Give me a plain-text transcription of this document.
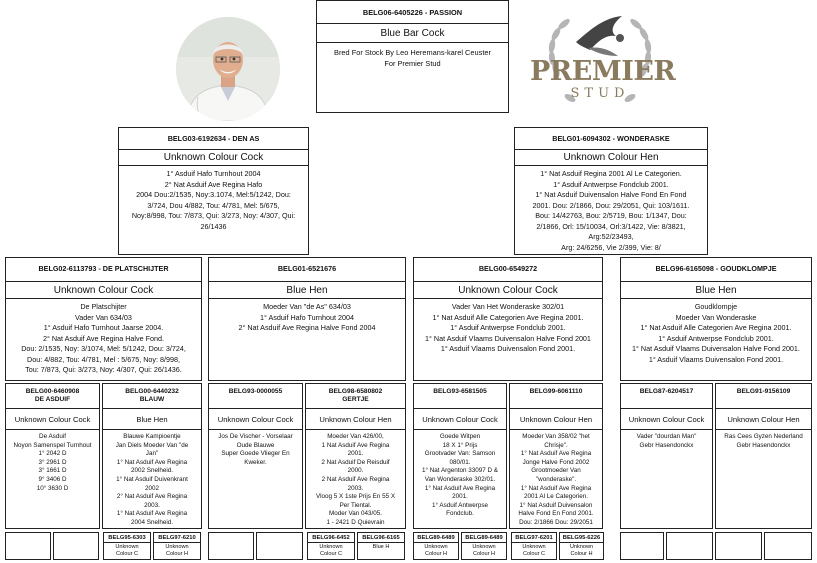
BELG06-6405226 - PASSION
Blue Bar Cock
Bred For Stock By Leo Heremans-karel Ceuster
For Premier Stud	PREMIER
STUD
BELG03-6192634 - DEN AS
Unknown Colour Cock
1° Asduif Hafo Turnhout 2004
2° Nat Asduif Ave Regina Hafo
2004 Dou:2/1535, Noy:3.1074, Mel:5/1242, Dou:
3/724, Dou 4/882, Tou: 4/781, Mel: 5/675,
Noy:8/998, Tou: 7/873, Qui: 3/273, Noy: 4/307, Qui:
26/1436
BELG01-6094302 - WONDERASKE
Unknown Colour Hen
1° Nat Asduif Regina 2001 Al Le Categorien.
1° Asduif Antwerpse Fondclub 2001.
1° Nat Asduif Duivensalon Halve Fond En Fond
2001. Dou: 2/1866, Dou: 29/2051, Qui: 103/1611.
Bou: 14/42763, Bou: 2/5719, Bou: 1/1347, Dou:
2/1866, Orl: 15/10034, Orl:3/1422, Vie: 8/3821,
Arg:52/23493,
Arg: 24/6256, Vie 2/399, Vie: 8/
BELG02-6113793 - DE PLATSCHIJTER
Unknown Colour Cock
De Platschijter
Vader Van 634/03
1° Asduif Hafo Turnhout Jaarse 2004.
2° Nat Asduif Ave Regina Halve Fond.
Dou: 2/1535, Noy: 3/1074, Mel: 5/1242, Dou: 3/724,
Dou: 4/882, Tou: 4/781, Mel : 5/675, Noy: 8/998,
Tou: 7/873, Qui: 3/273, Noy: 4/307, Qui: 26/1436.
BELG01-6521676
Blue Hen
Moeder Van "de As" 634/03
1° Asduif Hafo Turnhout 2004
2° Nat Asduif Ave Regina Halve Fond 2004
BELG00-6549272
Unknown Colour Cock
Vader Van Het Wonderaske 302/01
1° Nat Asduif Alle Categorien Ave Regina 2001.
1° Asduif Antwerpse Fondclub 2001.
1° Nat Asduif Vlaams Duivensalon Halve Fond 2001
1° Asduif Vlaams Duivensalon Fond 2001.
BELG96-6165098 - GOUDKLOMPJE
Blue Hen
Goudklompje
Moeder Van Wonderaske
1° Nat Asduif Alle Categorien Ave Regina 2001.
1° Asduif Antwerpse Fondclub 2001.
1° Nat Asduif Vlaams Duivensalon Halve Fond 2001.
1° Asduif Vlaams Duivensalon Fond 2001.
BELG00-6460908
DE ASDUIF
Unknown Colour Cock
De Asduif
Noyon Samenspel Turnhout
1° 2042 D
3° 2961 D
3° 1661 D
9° 3406 D
10° 3630 D
BELG00-6440232
BLAUW
Blue Hen
Blauwe Kampioentje
Jan Diels Moeder Van "de
Jan"
1° Nat Asduif Ave Regina
2002 Snelheid.
1° Nat Asduif Duivenkrant
2002
2° Nat Asduif Ave Regina
2003.
1° Nat Asduif Ave Regina
2004 Snelheid.
BELG93-0000055

Unknown Colour Cock
Jos De Vischer - Vorselaar
Oude Blauwe
Super Goede Vlieger En
Kweker.
BELG98-6580802
GERTJE
Unknown Colour Hen
Moeder Van 426/00,
1 Nat Asduif Ave Regina
2001.
2 Nat Asduif De Reisduif
2000.
2 Nat Asduif Ave Regina
2003.
Vloog 5 X 1ste Prijs En 55 X
Per Tiental.
Moder Van 043/05.
1 - 2421 D Quievrain
BELG93-6581505

Unknown Colour Cock
Goede Witpen
18 X 1° Prijs
Grootvader Van: Samson
080/01.
1° Nat Argenton 33097 D &
Van Wonderaske 302/01.
1° Nat Asduif Ave Regina
2001.
1° Asduif Antwerpse
Fondclub.
BELG99-6061110

Unknown Colour Hen
Moeder Van 358/02 "het
Chrisje".
1° Nat Asduif Ave Regina
Jonge Halve Fond 2002
Grootmoeder Van
"wonderaske".
1° Nat Asduif Ave Regina
2001 Al Le Categorien.
1° Nat Asduif Duivensalon
Halve Fond En Fond 2001.
Dou: 2/1866 Dou: 29/2051
BELG87-6204517

Unknown Colour Cock
Vader "dourdan Man"
Gebr Hasendonckx
BELG91-9156109

Unknown Colour Hen
Ras Cees Gyzen Nederland
Gebr Hasendonckx
BELG95-6303
Unknown Colour C
BELG97-6210
Unknown Colour H
BELG96-6452
Unknown Colour C
BELG96-6165
Blue H
BELG89-6489
Unknown Colour H
BELG89-6489
Unknown Colour H
BELG97-6201
Unknown Colour C
BELG95-6226
Unknown Colour H
